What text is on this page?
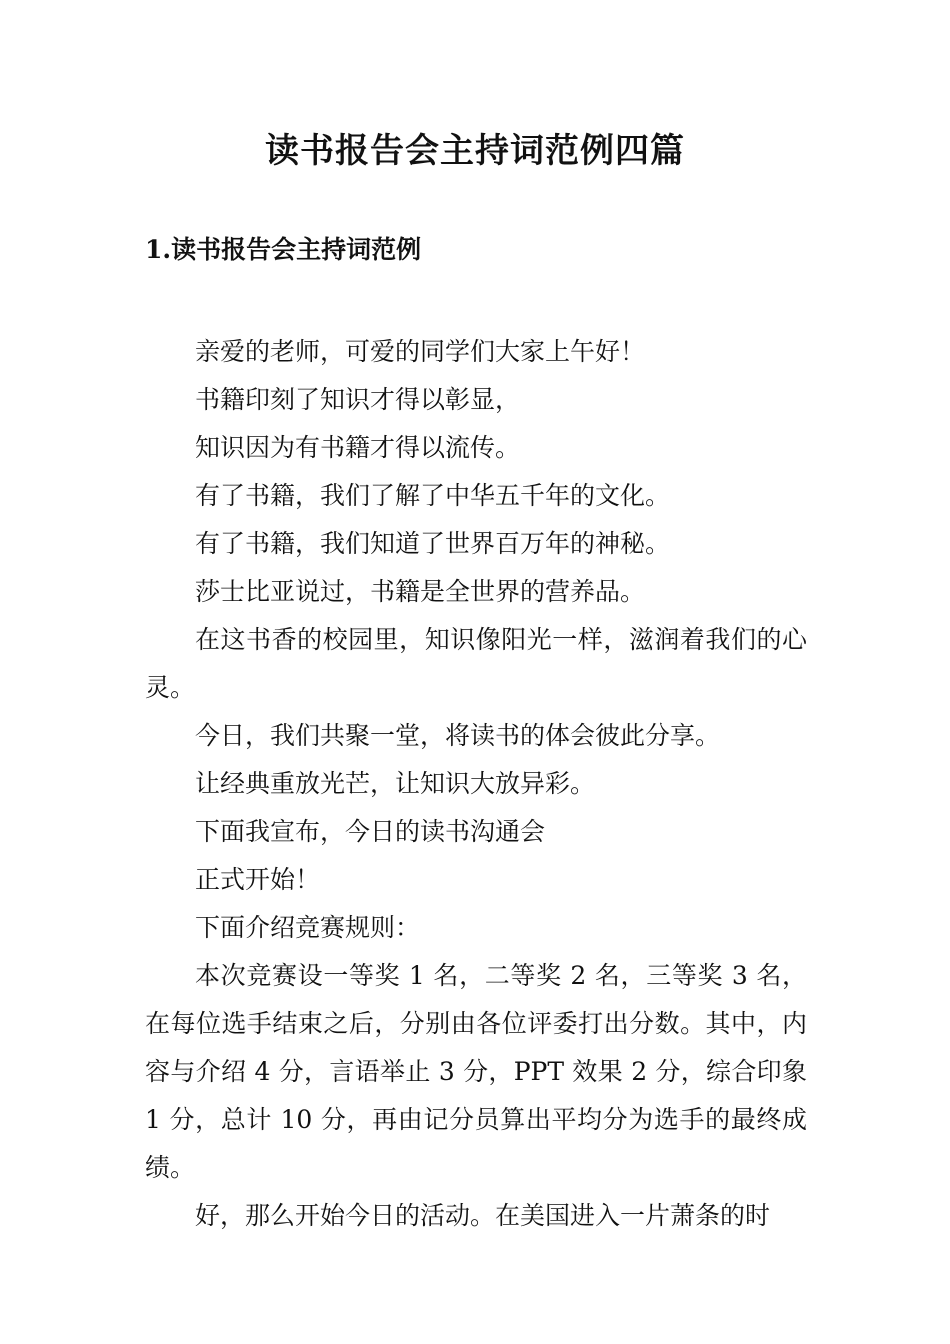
读书报告会主持词范例四篇
1.读书报告会主持词范例

亲爱的老师，可爱的同学们大家上午好！

书籍印刻了知识才得以彰显，

知识因为有书籍才得以流传。

有了书籍，我们了解了中华五千年的文化。

有了书籍，我们知道了世界百万年的神秘。

莎士比亚说过，书籍是全世界的营养品。

在这书香的校园里，知识像阳光一样，滋润着我们的心灵。

今日，我们共聚一堂，将读书的体会彼此分享。

让经典重放光芒，让知识大放异彩。

下面我宣布，今日的读书沟通会

正式开始！

下面介绍竞赛规则：

本次竞赛设一等奖 1 名，二等奖 2 名，三等奖 3 名，在每位选手结束之后，分别由各位评委打出分数。其中，内容与介绍 4 分，言语举止 3 分，PPT 效果 2 分，综合印象 1 分，总计 10 分，再由记分员算出平均分为选手的最终成绩。

好，那么开始今日的活动。在美国进入一片萧条的时
